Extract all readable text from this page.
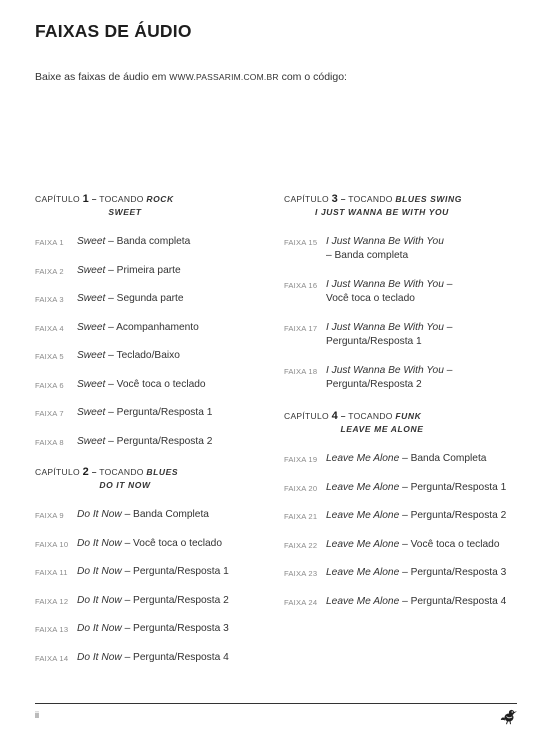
FAIXAS DE ÁUDIO
Baixe as faixas de áudio em WWW.PASSARIM.COM.BR com o código:
CAPÍTULO 1 – TOCANDO ROCK
SWEET
FAIXA 1 Sweet – Banda completa
FAIXA 2 Sweet – Primeira parte
FAIXA 3 Sweet – Segunda parte
FAIXA 4 Sweet – Acompanhamento
FAIXA 5 Sweet – Teclado/Baixo
FAIXA 6 Sweet – Você toca o teclado
FAIXA 7 Sweet – Pergunta/Resposta 1
FAIXA 8 Sweet – Pergunta/Resposta 2
CAPÍTULO 2 – TOCANDO BLUES
DO IT NOW
FAIXA 9 Do It Now – Banda Completa
FAIXA 10 Do It Now – Você toca o teclado
FAIXA 11 Do It Now – Pergunta/Resposta 1
FAIXA 12 Do It Now – Pergunta/Resposta 2
FAIXA 13 Do It Now – Pergunta/Resposta 3
FAIXA 14 Do It Now – Pergunta/Resposta 4
CAPÍTULO 3 – TOCANDO BLUES SWING
I JUST WANNA BE WITH YOU
FAIXA 15 I Just Wanna Be With You
– Banda completa
FAIXA 16 I Just Wanna Be With You –
Você toca o teclado
FAIXA 17 I Just Wanna Be With You –
Pergunta/Resposta 1
FAIXA 18 I Just Wanna Be With You –
Pergunta/Resposta 2
CAPÍTULO 4 – TOCANDO FUNK
LEAVE ME ALONE
FAIXA 19 Leave Me Alone – Banda Completa
FAIXA 20 Leave Me Alone – Pergunta/Resposta 1
FAIXA 21 Leave Me Alone – Pergunta/Resposta 2
FAIXA 22 Leave Me Alone – Você toca o teclado
FAIXA 23 Leave Me Alone – Pergunta/Resposta 3
FAIXA 24 Leave Me Alone – Pergunta/Resposta 4
ii
